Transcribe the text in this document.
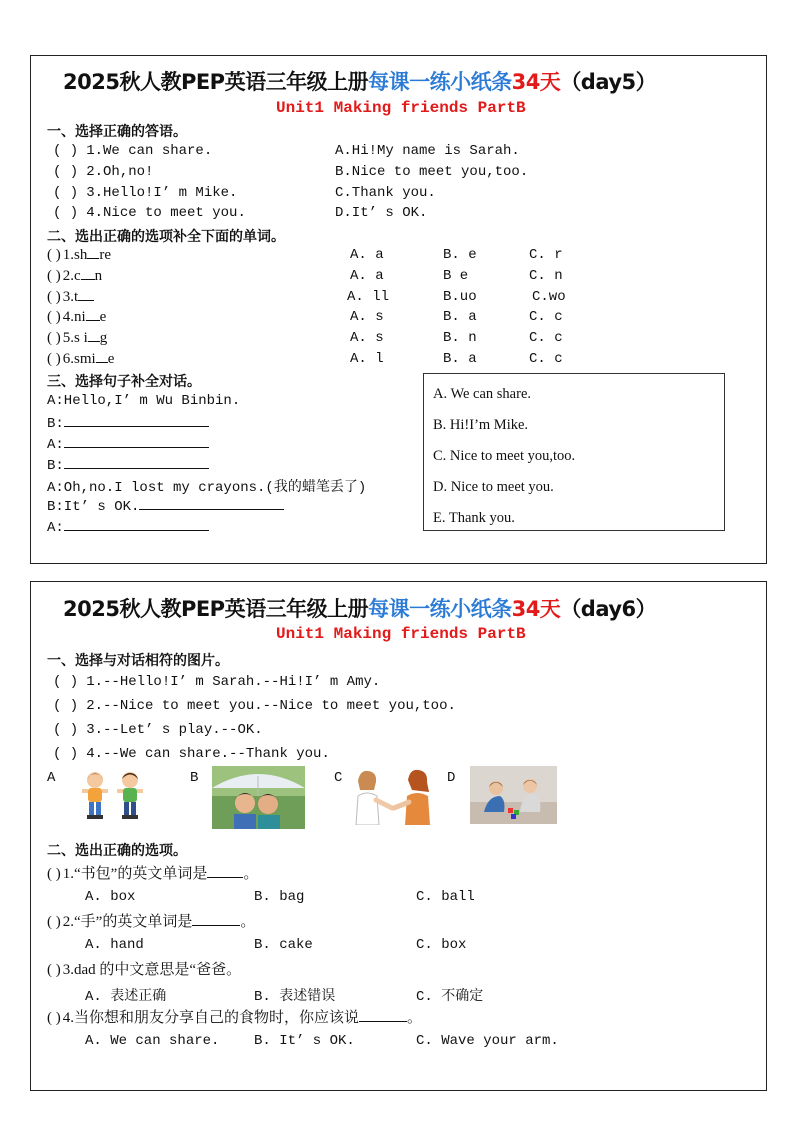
2025秋人教PEP英语三年级上册每课一练小纸条34天（day5）
Unit1 Making friends PartB
一、选择正确的答语。
( ) 1.We can share.	A.Hi!My name is Sarah.
( ) 2.Oh,no!	B.Nice to meet you,too.
( ) 3.Hello!I’ m Mike.	C.Thank you.
( ) 4.Nice to meet you.	D.It’ s OK.
二、选出正确的选项补全下面的单词。
( ) 1.sh re	A. a	B. e	C. r
( ) 2.c n	A. a	B e	C. n
( ) 3.t	A. ll	B.uo	C.wo
( ) 4.ni e	A. s	B. a	C. c
( ) 5.s i g	A. s	B. n	C. c
( ) 6.smi e	A. l	B. a	C. c
三、选择句子补全对话。
A:Hello,I’ m Wu Binbin.
B:
A:
B:
A:Oh,no.I lost my crayons.(我的蜡笔丢了)
B:It’ s OK.
A:
A. We can share.
B. Hi!I’m Mike.
C. Nice to meet you,too.
D. Nice to meet you.
E. Thank you.
2025秋人教PEP英语三年级上册每课一练小纸条34天（day6）
Unit1 Making friends PartB
一、选择与对话相符的图片。
( ) 1.--Hello!I’ m Sarah.--Hi!I’ m Amy.
( ) 2.--Nice to meet you.--Nice to meet you,too.
( ) 3.--Let’ s play.--OK.
( ) 4.--We can share.--Thank you.
A	B	C	D
二、选出正确的选项。
( ) 1.“书包”的英文单词是 。
A. box	B. bag	C. ball
( ) 2.“手”的英文单词是	。
A. hand	B. cake	C. box
( ) 3.dad 的中文意思是“爸爸。
A. 表述正确	B. 表述错误	C. 不确定
( ) 4.当你想和朋友分享自己的食物时，你应该说	。
A. We can share. B. It’ s OK.	C. Wave your arm.
